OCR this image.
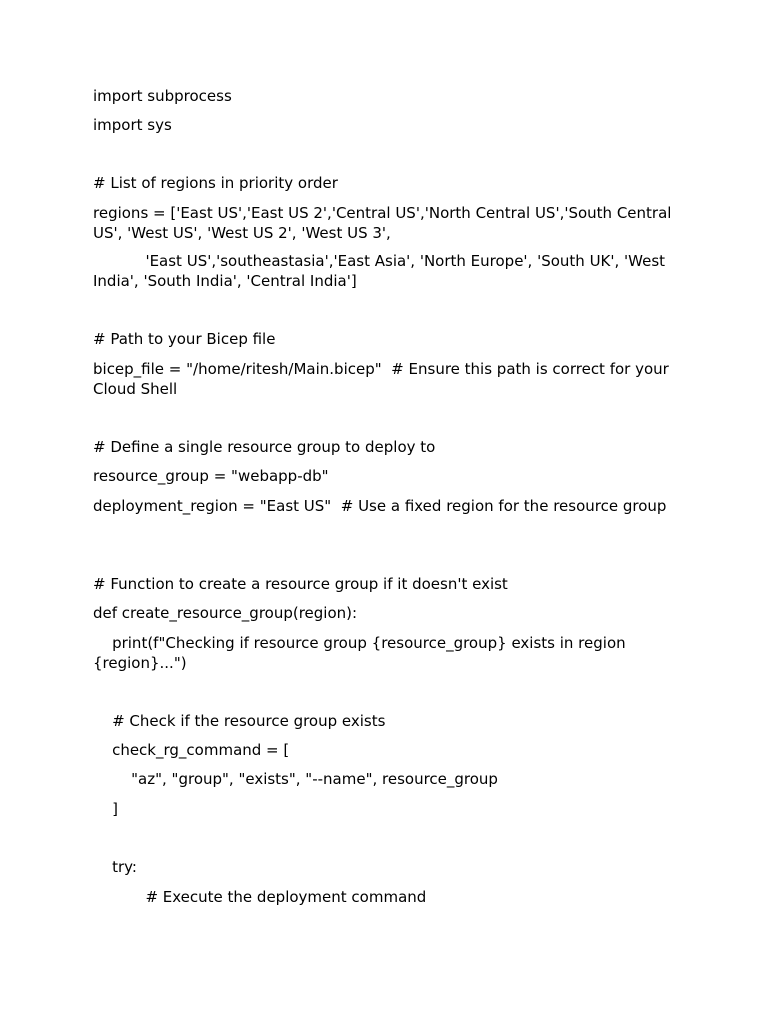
import subprocess

import sys

# List of regions in priority order

regions = ['East US','East US 2','Central US','North Central US','South Central US', 'West US', 'West US 2', 'West US 3',

'East US','southeastasia','East Asia', 'North Europe', 'South UK', 'West India', 'South India', 'Central India']

# Path to your Bicep file

bicep_file = "/home/ritesh/Main.bicep"  # Ensure this path is correct for your Cloud Shell

# Define a single resource group to deploy to

resource_group = "webapp-db"

deployment_region = "East US"  # Use a fixed region for the resource group

# Function to create a resource group if it doesn't exist

def create_resource_group(region):

print(f"Checking if resource group {resource_group} exists in region {region}...")

# Check if the resource group exists

check_rg_command = [

"az", "group", "exists", "--name", resource_group

]

try:

# Execute the deployment command
